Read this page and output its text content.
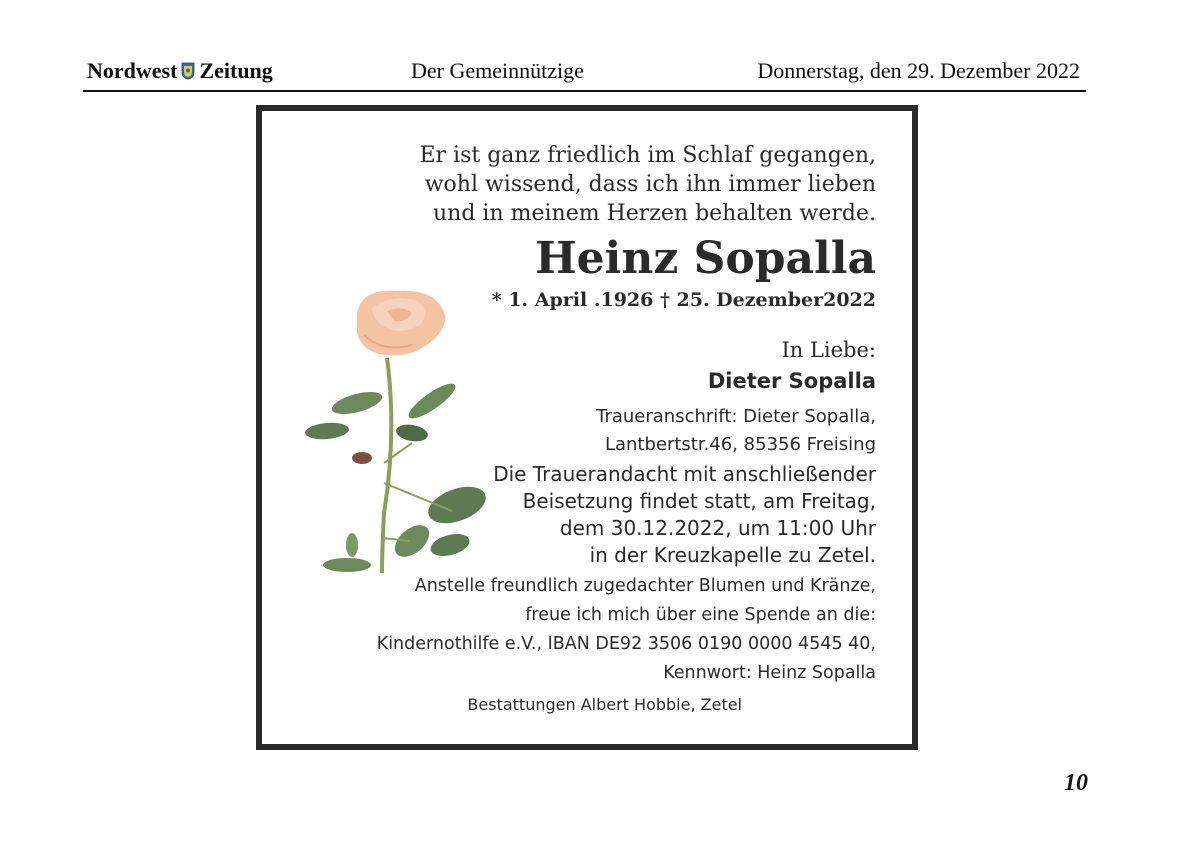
Nordwest Zeitung	Der Gemeinnützige	Donnerstag, den 29. Dezember 2022
Er ist ganz friedlich im Schlaf gegangen,
wohl wissend, dass ich ihn immer lieben
und in meinem Herzen behalten werde.
Heinz Sopalla
* 1. April .1926 † 25. Dezember2022
In Liebe:
Dieter Sopalla
Traueranschrift: Dieter Sopalla,
Lantbertstr.46, 85356 Freising
Die Trauerandacht mit anschließender
Beisetzung findet statt, am Freitag,
dem 30.12.2022, um 11:00 Uhr
in der Kreuzkapelle zu Zetel.
Anstelle freundlich zugedachter Blumen und Kränze,
freue ich mich über eine Spende an die:
Kindernothilfe e.V., IBAN DE92 3506 0190 0000 4545 40,
Kennwort: Heinz Sopalla
Bestattungen Albert Hobbie, Zetel
10
